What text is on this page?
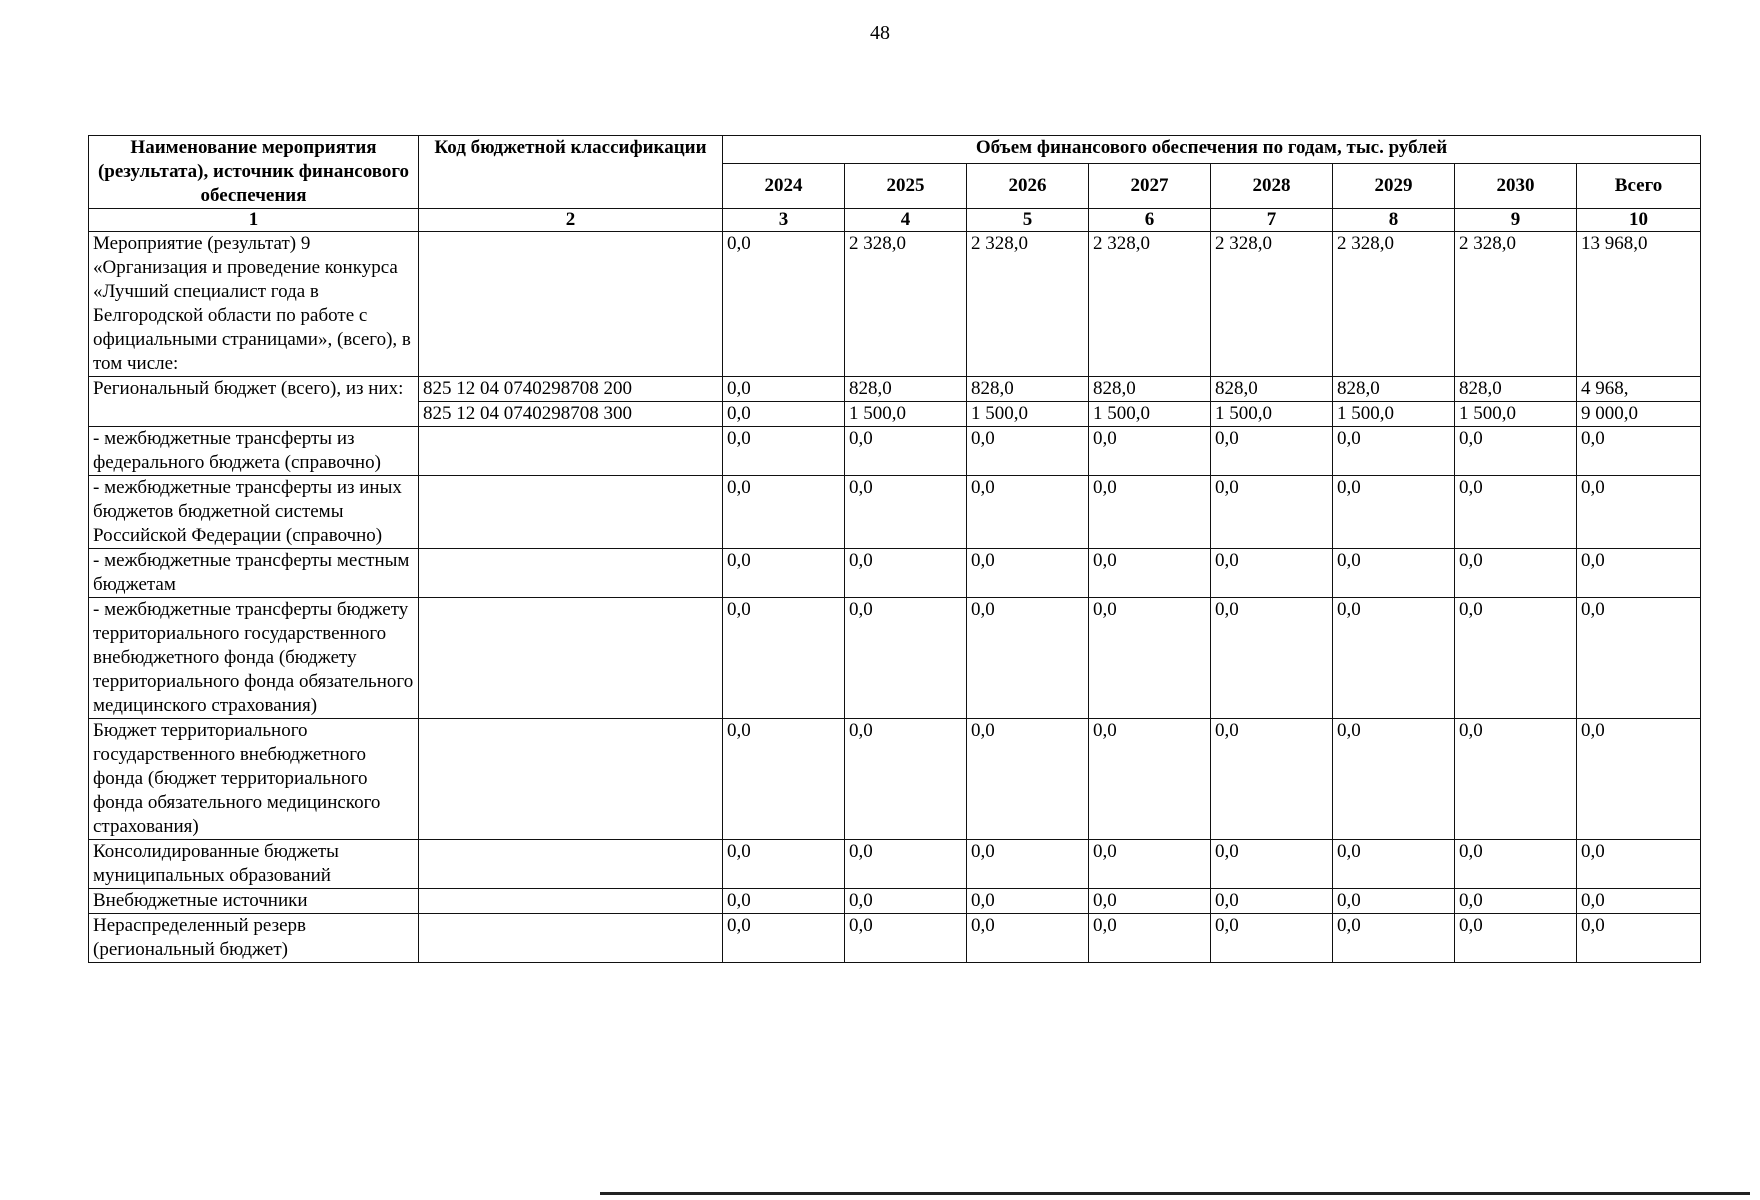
48
Наименование мероприятия (результата), источник финансового обеспечения	Код бюджетной классификации	Объем финансового обеспечения по годам, тыс. рублей							
		2024	2025	2026	2027	2028	2029	2030	Всего
1	2	3	4	5	6	7	8	9	10
Мероприятие (результат) 9 «Организация и проведение конкурса «Лучший специалист года в Белгородской области по работе с официальными страницами», (всего), в том числе:		0,0	2 328,0	2 328,0	2 328,0	2 328,0	2 328,0	2 328,0	13 968,0
Региональный бюджет (всего), из них:	825 12 04 0740298708 200	0,0	828,0	828,0	828,0	828,0	828,0	828,0	4 968,
	825 12 04 0740298708 300	0,0	1 500,0	1 500,0	1 500,0	1 500,0	1 500,0	1 500,0	9 000,0
- межбюджетные трансферты из федерального бюджета (справочно)		0,0	0,0	0,0	0,0	0,0	0,0	0,0	0,0
- межбюджетные трансферты из иных бюджетов бюджетной системы Российской Федерации (справочно)		0,0	0,0	0,0	0,0	0,0	0,0	0,0	0,0
- межбюджетные трансферты местным бюджетам		0,0	0,0	0,0	0,0	0,0	0,0	0,0	0,0
- межбюджетные трансферты бюджету территориального государственного внебюджетного фонда (бюджету территориального фонда обязательного медицинского страхования)		0,0	0,0	0,0	0,0	0,0	0,0	0,0	0,0
Бюджет территориального государственного внебюджетного фонда (бюджет территориального фонда обязательного медицинского страхования)		0,0	0,0	0,0	0,0	0,0	0,0	0,0	0,0
Консолидированные бюджеты муниципальных образований		0,0	0,0	0,0	0,0	0,0	0,0	0,0	0,0
Внебюджетные источники		0,0	0,0	0,0	0,0	0,0	0,0	0,0	0,0
Нераспределенный резерв (региональный бюджет)		0,0	0,0	0,0	0,0	0,0	0,0	0,0	0,0
